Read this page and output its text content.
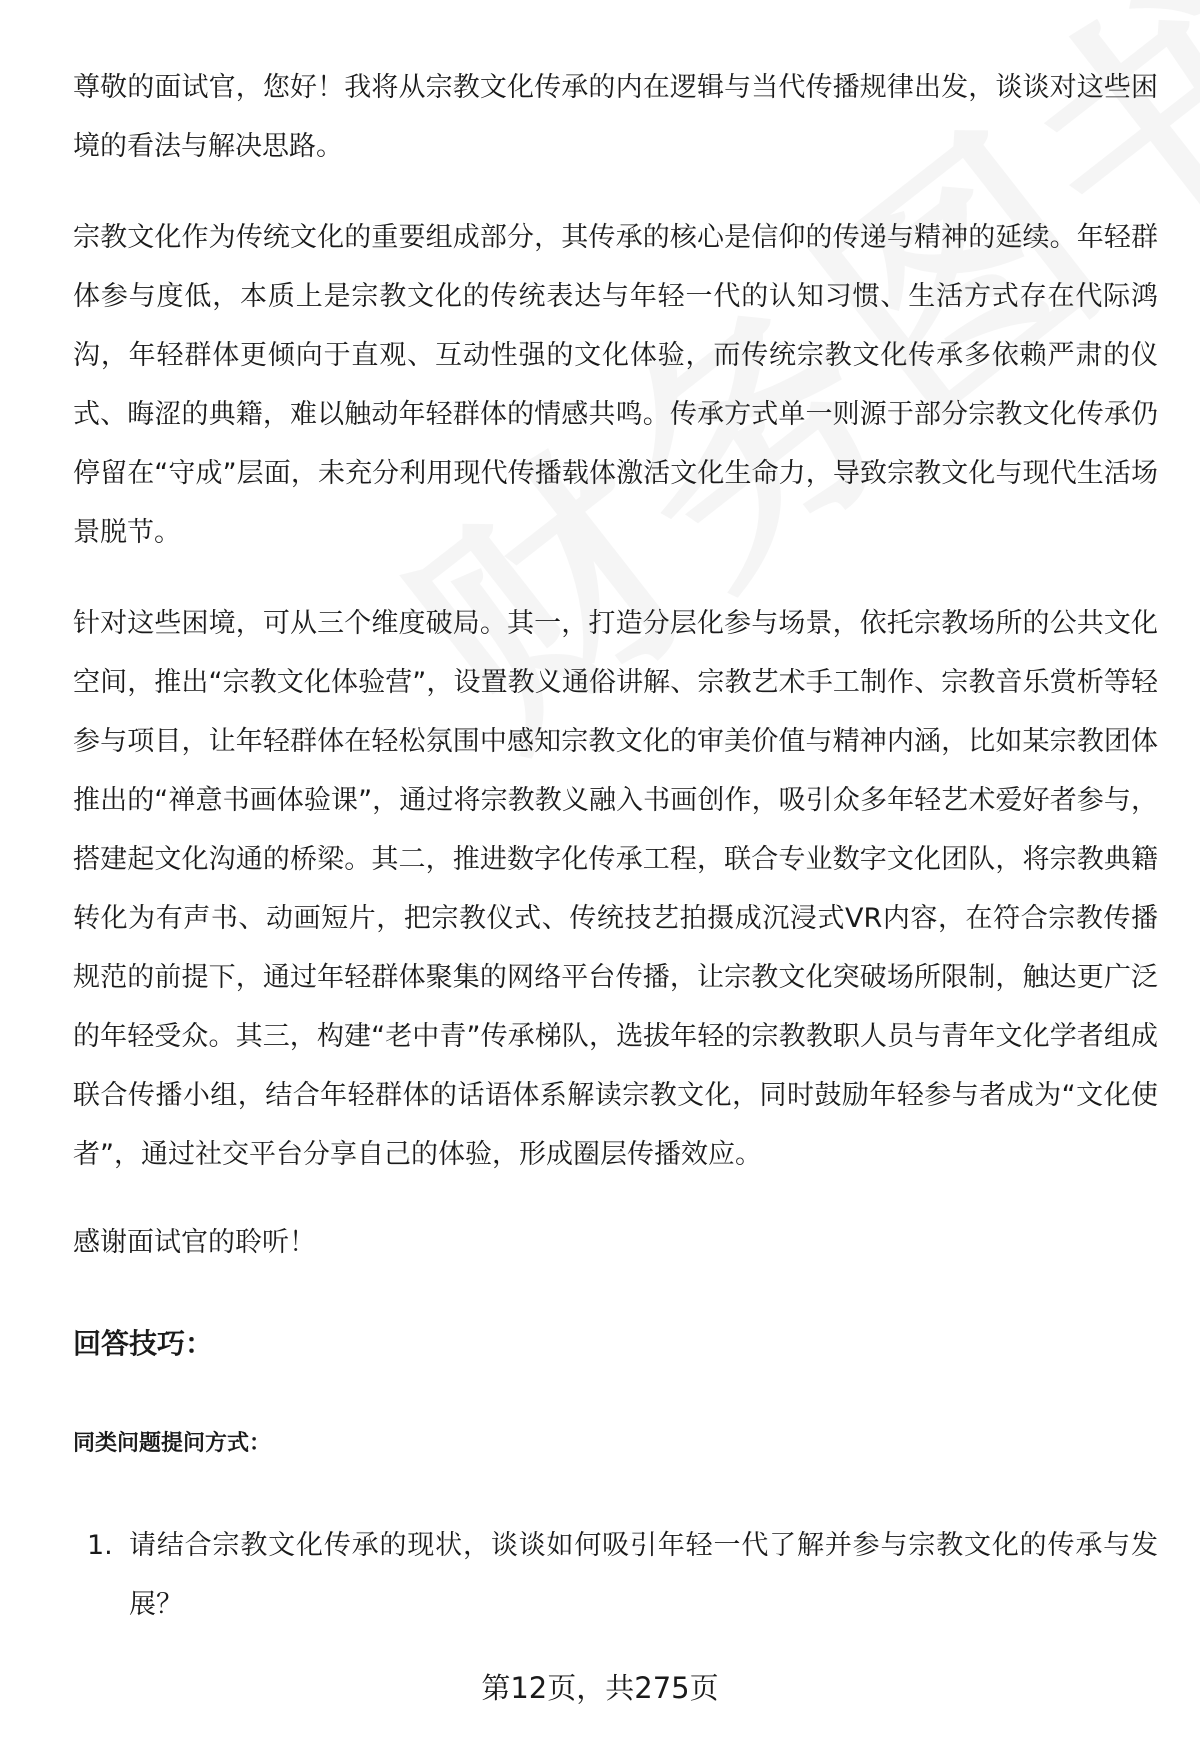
尊敬的面试官，您好！我将从宗教文化传承的内在逻辑与当代传播规律出发，谈谈对这些困境的看法与解决思路。

宗教文化作为传统文化的重要组成部分，其传承的核心是信仰的传递与精神的延续。年轻群体参与度低，本质上是宗教文化的传统表达与年轻一代的认知习惯、生活方式存在代际鸿沟，年轻群体更倾向于直观、互动性强的文化体验，而传统宗教文化传承多依赖严肃的仪式、晦涩的典籍，难以触动年轻群体的情感共鸣。传承方式单一则源于部分宗教文化传承仍停留在“守成”层面，未充分利用现代传播载体激活文化生命力，导致宗教文化与现代生活场景脱节。

针对这些困境，可从三个维度破局。其一，打造分层化参与场景，依托宗教场所的公共文化空间，推出“宗教文化体验营”，设置教义通俗讲解、宗教艺术手工制作、宗教音乐赏析等轻参与项目，让年轻群体在轻松氛围中感知宗教文化的审美价值与精神内涵，比如某宗教团体推出的“禅意书画体验课”，通过将宗教教义融入书画创作，吸引众多年轻艺术爱好者参与，搭建起文化沟通的桥梁。其二，推进数字化传承工程，联合专业数字文化团队，将宗教典籍转化为有声书、动画短片，把宗教仪式、传统技艺拍摄成沉浸式VR内容，在符合宗教传播规范的前提下，通过年轻群体聚集的网络平台传播，让宗教文化突破场所限制，触达更广泛的年轻受众。其三，构建“老中青”传承梯队，选拔年轻的宗教教职人员与青年文化学者组成联合传播小组，结合年轻群体的话语体系解读宗教文化，同时鼓励年轻参与者成为“文化使者”，通过社交平台分享自己的体验，形成圈层传播效应。

感谢面试官的聆听！

回答技巧：
同类问题提问方式：
1. 请结合宗教文化传承的现状，谈谈如何吸引年轻一代了解并参与宗教文化的传承与发展？
第12页，共275页
